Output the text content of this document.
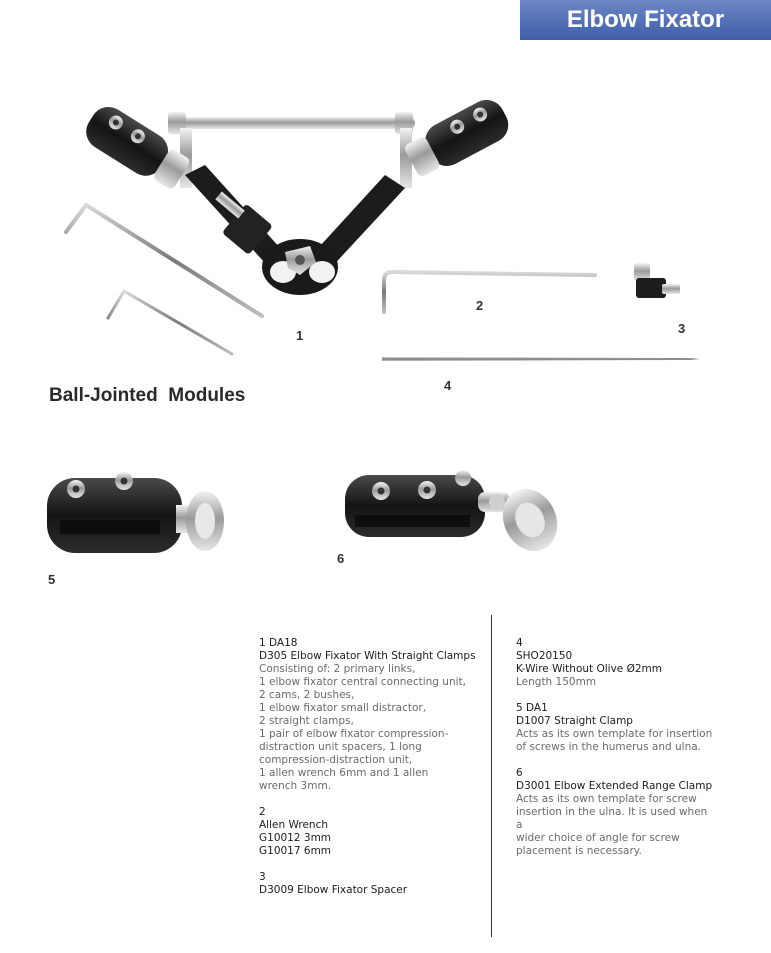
Elbow Fixator
1
2
3
4
5
6
Ball-Jointed  Modules
1 DA18
D305 Elbow Fixator With Straight Clamps
Consisting of: 2 primary links,
1 elbow fixator central connecting unit,
2 cams, 2 bushes,
1 elbow fixator small distractor,
2 straight clamps,
1 pair of elbow fixator compression-
distraction unit spacers, 1 long
compression-distraction unit,
1 allen wrench 6mm and 1 allen
wrench 3mm.
2
Allen Wrench
G10012 3mm
G10017 6mm
3
D3009 Elbow Fixator Spacer
4
SHO20150
K-Wire Without Olive Ø2mm
Length 150mm
5 DA1
D1007 Straight Clamp
Acts as its own template for insertion
of screws in the humerus and ulna.
6
D3001 Elbow Extended Range Clamp
Acts as its own template for screw
insertion in the ulna. It is used when a
wider choice of angle for screw
placement is necessary.
